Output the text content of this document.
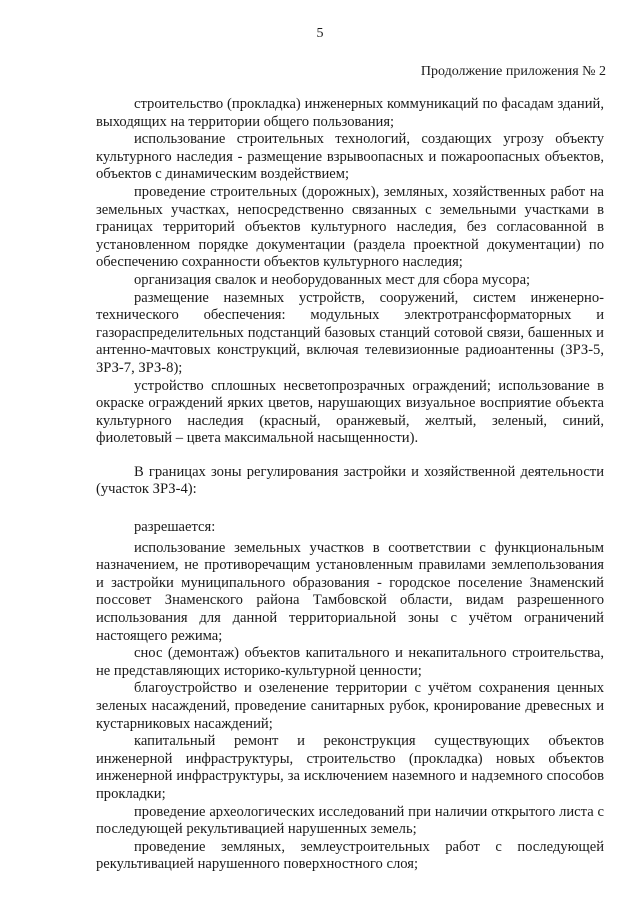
5
Продолжение приложения № 2

строительство (прокладка) инженерных коммуникаций по фасадам зданий, выходящих на территории общего пользования;

использование строительных технологий, создающих угрозу объекту культурного наследия - размещение взрывоопасных и пожароопасных объектов, объектов с динамическим воздействием;

проведение строительных (дорожных), земляных, хозяйственных работ на земельных участках, непосредственно связанных с земельными участками в границах территорий объектов культурного наследия, без согласованной в установленном порядке документации (раздела проектной документации) по обеспечению сохранности объектов культурного наследия;

организация свалок и необорудованных мест для сбора мусора;

размещение наземных устройств, сооружений, систем инженерно-технического обеспечения: модульных электротрансформаторных и газораспределительных подстанций базовых станций сотовой связи, башенных и антенно-мачтовых конструкций, включая телевизионные радиоантенны (ЗРЗ-5, ЗРЗ-7, ЗРЗ-8);

устройство сплошных несветопрозрачных ограждений; использование в окраске ограждений ярких цветов, нарушающих визуальное восприятие объекта культурного наследия (красный, оранжевый, желтый, зеленый, синий, фиолетовый – цвета максимальной насыщенности).

В границах зоны регулирования застройки и хозяйственной деятельности (участок ЗРЗ-4):

разрешается:

использование земельных участков в соответствии с функциональным назначением, не противоречащим установленным правилами землепользования и застройки муниципального образования - городское поселение Знаменский поссовет Знаменского района Тамбовской области, видам разрешенного использования для данной территориальной зоны с учётом ограничений настоящего режима;

снос (демонтаж) объектов капитального и некапитального строительства, не представляющих историко-культурной ценности;

благоустройство и озеленение территории с учётом сохранения ценных зеленых насаждений, проведение санитарных рубок, кронирование древесных и кустарниковых насаждений;

капитальный ремонт и реконструкция существующих объектов инженерной инфраструктуры, строительство (прокладка) новых объектов инженерной инфраструктуры, за исключением наземного и надземного способов прокладки;

проведение археологических исследований при наличии открытого листа с последующей рекультивацией нарушенных земель;

проведение земляных, землеустроительных работ с последующей рекультивацией нарушенного поверхностного слоя;
